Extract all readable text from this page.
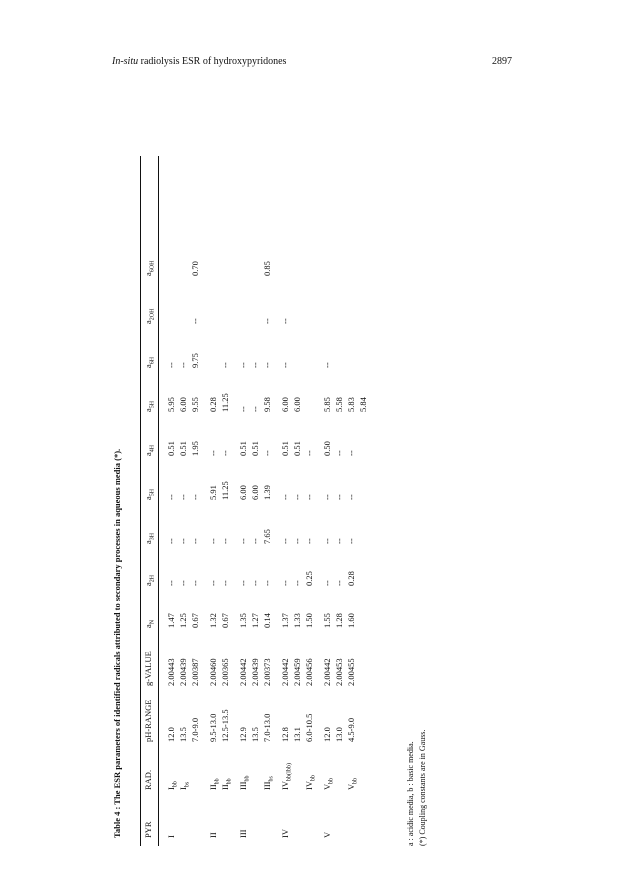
In-situ radiolysis ESR of hydroxypyridones	2897
Table 4 : The ESR parameters of identified radicals attributed to secondary processes in aqueous media (*). PYR
RAD.
pH-RANGE
g-VALUE
$a_N$
$a_{2H}$
$a_{3H}$
$a_{5H}$
$a_{4H}$
$a_{5H}$
$a_{6H}$
$a_{2OH}$
$a_{6OH}$
I
$I_{bb}$
12.0
2.00443
1.47
--
--
--
0.51
5.95
--
$I_{bs}$
13.5
2.00439
1.25
--
--
--
0.51
6.00
--
7.0-9.0
2.00387
0.67
--
--
--
1.95
9.55
9.75
--
0.70
II
$II_{bb}$
9.5-13.0
2.00460
1.32
--
--
5.91
--
0.28
$II_{bb}$
12.5-13.5
2.00365
0.67
--
--
11.25
--
11.25
--
III
$III_{bb}$
12.9
2.00442
1.35
--
--
6.00
0.51
--
--
13.5
2.00439
1.27
--
--
6.00
0.51
--
--
$III_{bs}$
7.0-13.0
2.00373
0.14
--
7.65
1.39
--
9.58
--
--
0.85
IV
$IV_{bb(Ibb)}$
12.8
2.00442
1.37
--
--
--
0.51
6.00
--
--
13.1
2.00459
1.33
--
--
--
0.51
6.00
$IV_{bb}$
6.0-10.5
2.00456
1.50
0.25
--
--
--
V
$V_{bb}$
12.0
2.00442
1.55
--
--
--
0.50
5.85
--
13.0
2.00453
1.28
--
--
--
--
5.58
$V_{bb}$
4.5-9.0
2.00455
1.60
0.28
--
--
--
5.83 5.84
a : acidic media, b : basic media. (*) Coupling constants are in Gauss.
